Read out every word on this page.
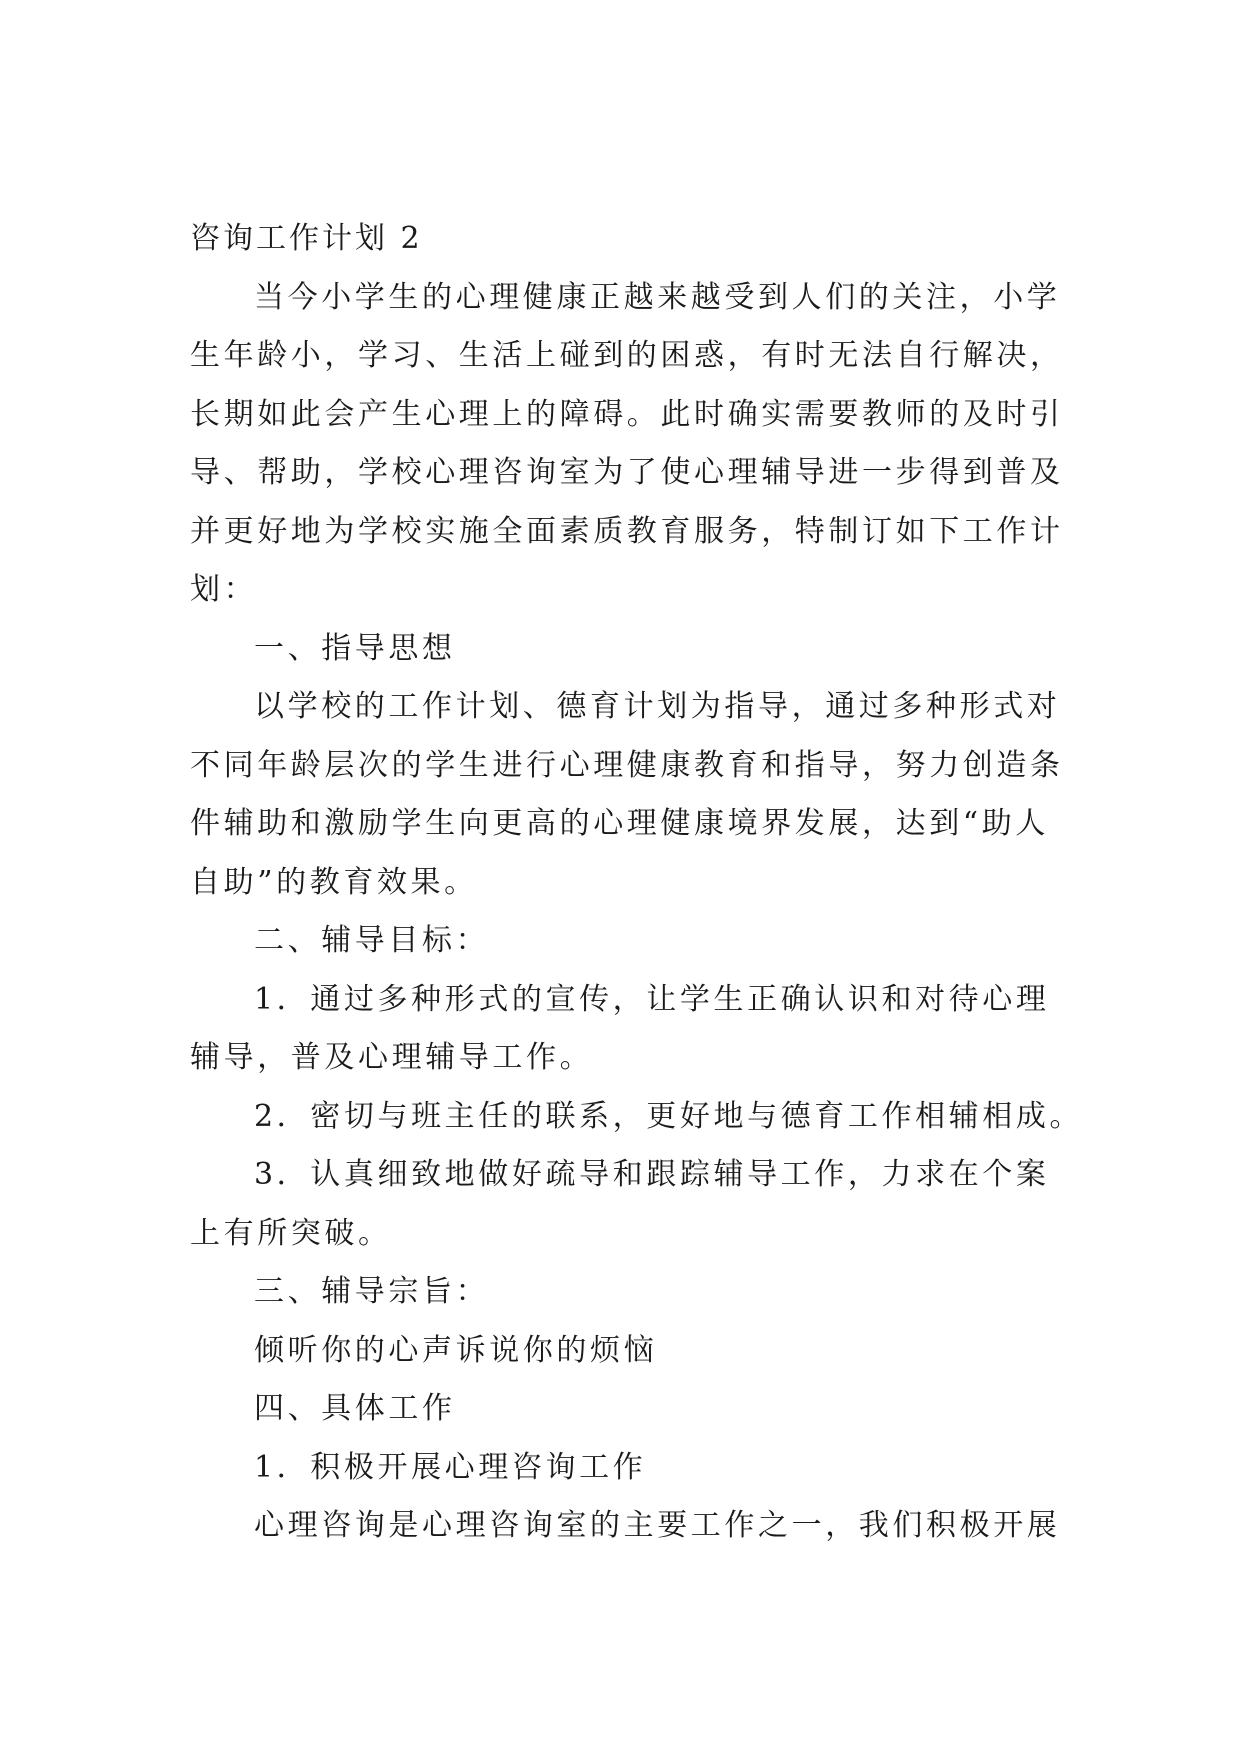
咨询工作计划 2
当今小学生的心理健康正越来越受到人们的关注，小学
生年龄小，学习、生活上碰到的困惑，有时无法自行解决，
长期如此会产生心理上的障碍。此时确实需要教师的及时引
导、帮助，学校心理咨询室为了使心理辅导进一步得到普及
并更好地为学校实施全面素质教育服务，特制订如下工作计
划：
一、指导思想
以学校的工作计划、德育计划为指导，通过多种形式对
不同年龄层次的学生进行心理健康教育和指导，努力创造条
件辅助和激励学生向更高的心理健康境界发展，达到“助人
自助”的教育效果。
二、辅导目标：
1．通过多种形式的宣传，让学生正确认识和对待心理
辅导，普及心理辅导工作。
2．密切与班主任的联系，更好地与德育工作相辅相成。
3．认真细致地做好疏导和跟踪辅导工作，力求在个案
上有所突破。
三、辅导宗旨：
倾听你的心声诉说你的烦恼
四、具体工作
1．积极开展心理咨询工作
心理咨询是心理咨询室的主要工作之一，我们积极开展
